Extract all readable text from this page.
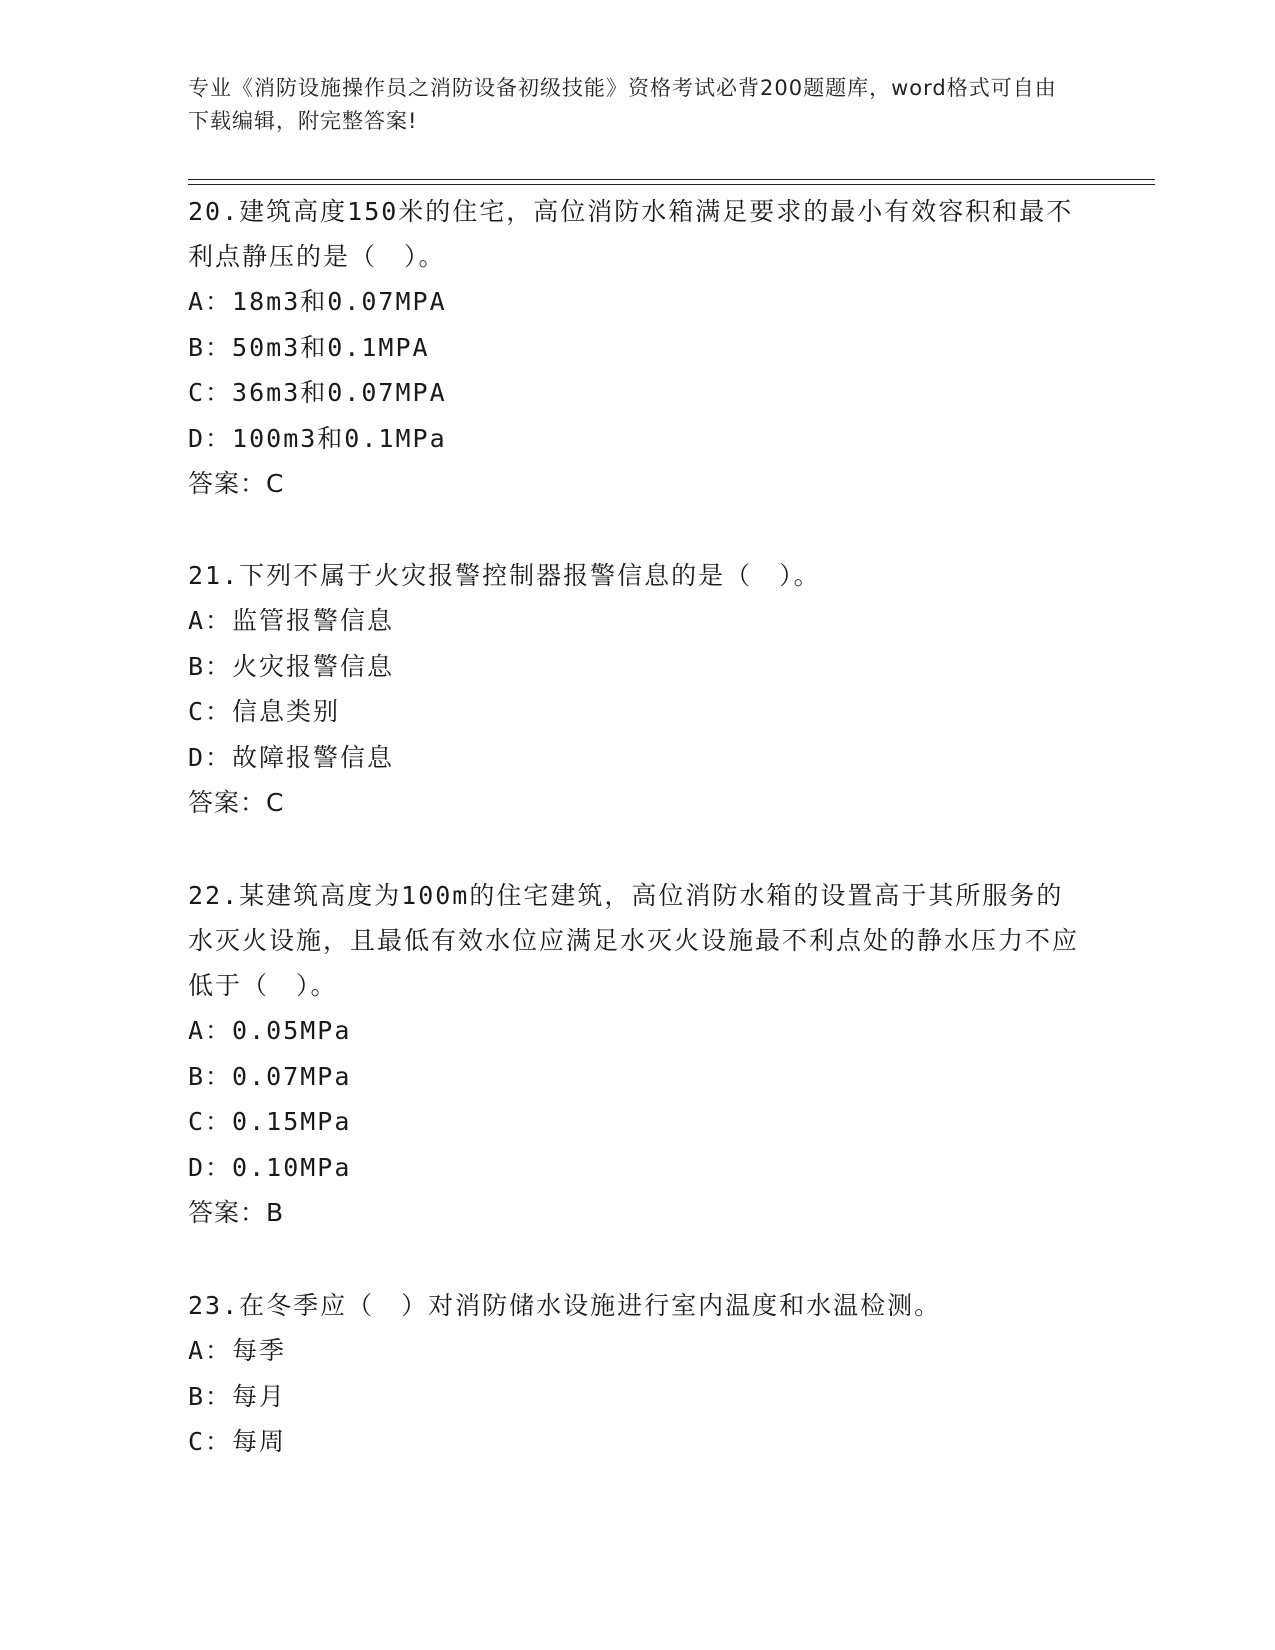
专业《消防设施操作员之消防设备初级技能》资格考试必背200题题库，word格式可自由下载编辑，附完整答案!
20.建筑高度150米的住宅，高位消防水箱满足要求的最小有效容积和最不利点静压的是（　）。
A：18m3和0.07MPA
B：50m3和0.1MPA
C：36m3和0.07MPA
D：100m3和0.1MPa
答案：C
21.下列不属于火灾报警控制器报警信息的是（　）。
A：监管报警信息
B：火灾报警信息
C：信息类别
D：故障报警信息
答案：C
22.某建筑高度为100m的住宅建筑，高位消防水箱的设置高于其所服务的水灭火设施，且最低有效水位应满足水灭火设施最不利点处的静水压力不应低于（　）。
A：0.05MPa
B：0.07MPa
C：0.15MPa
D：0.10MPa
答案：B
23.在冬季应（　）对消防储水设施进行室内温度和水温检测。
A：每季
B：每月
C：每周
